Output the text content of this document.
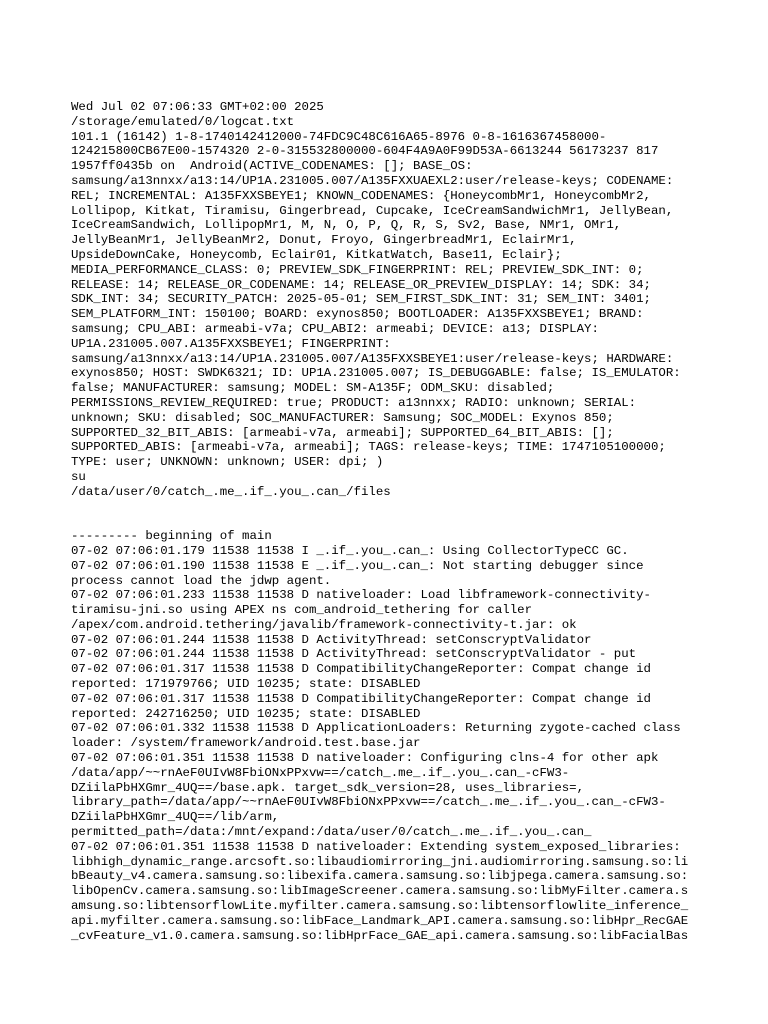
Wed Jul 02 07:06:33 GMT+02:00 2025
/storage/emulated/0/logcat.txt
101.1 (16142) 1-8-1740142412000-74FDC9C48C616A65-8976 0-8-1616367458000-
124215800CB67E00-1574320 2-0-315532800000-604F4A9A0F99D53A-6613244 56173237 817
1957ff0435b on  Android(ACTIVE_CODENAMES: []; BASE_OS:
samsung/a13nnxx/a13:14/UP1A.231005.007/A135FXXUAEXL2:user/release-keys; CODENAME:
REL; INCREMENTAL: A135FXXSBEYE1; KNOWN_CODENAMES: {HoneycombMr1, HoneycombMr2,
Lollipop, Kitkat, Tiramisu, Gingerbread, Cupcake, IceCreamSandwichMr1, JellyBean,
IceCreamSandwich, LollipopMr1, M, N, O, P, Q, R, S, Sv2, Base, NMr1, OMr1,
JellyBeanMr1, JellyBeanMr2, Donut, Froyo, GingerbreadMr1, EclairMr1,
UpsideDownCake, Honeycomb, Eclair01, KitkatWatch, Base11, Eclair};
MEDIA_PERFORMANCE_CLASS: 0; PREVIEW_SDK_FINGERPRINT: REL; PREVIEW_SDK_INT: 0;
RELEASE: 14; RELEASE_OR_CODENAME: 14; RELEASE_OR_PREVIEW_DISPLAY: 14; SDK: 34;
SDK_INT: 34; SECURITY_PATCH: 2025-05-01; SEM_FIRST_SDK_INT: 31; SEM_INT: 3401;
SEM_PLATFORM_INT: 150100; BOARD: exynos850; BOOTLOADER: A135FXXSBEYE1; BRAND:
samsung; CPU_ABI: armeabi-v7a; CPU_ABI2: armeabi; DEVICE: a13; DISPLAY:
UP1A.231005.007.A135FXXSBEYE1; FINGERPRINT:
samsung/a13nnxx/a13:14/UP1A.231005.007/A135FXXSBEYE1:user/release-keys; HARDWARE:
exynos850; HOST: SWDK6321; ID: UP1A.231005.007; IS_DEBUGGABLE: false; IS_EMULATOR:
false; MANUFACTURER: samsung; MODEL: SM-A135F; ODM_SKU: disabled;
PERMISSIONS_REVIEW_REQUIRED: true; PRODUCT: a13nnxx; RADIO: unknown; SERIAL:
unknown; SKU: disabled; SOC_MANUFACTURER: Samsung; SOC_MODEL: Exynos 850;
SUPPORTED_32_BIT_ABIS: [armeabi-v7a, armeabi]; SUPPORTED_64_BIT_ABIS: [];
SUPPORTED_ABIS: [armeabi-v7a, armeabi]; TAGS: release-keys; TIME: 1747105100000;
TYPE: user; UNKNOWN: unknown; USER: dpi; )
su
/data/user/0/catch_.me_.if_.you_.can_/files
--------- beginning of main
07-02 07:06:01.179 11538 11538 I _.if_.you_.can_: Using CollectorTypeCC GC.
07-02 07:06:01.190 11538 11538 E _.if_.you_.can_: Not starting debugger since
process cannot load the jdwp agent.
07-02 07:06:01.233 11538 11538 D nativeloader: Load libframework-connectivity-
tiramisu-jni.so using APEX ns com_android_tethering for caller
/apex/com.android.tethering/javalib/framework-connectivity-t.jar: ok
07-02 07:06:01.244 11538 11538 D ActivityThread: setConscryptValidator
07-02 07:06:01.244 11538 11538 D ActivityThread: setConscryptValidator - put
07-02 07:06:01.317 11538 11538 D CompatibilityChangeReporter: Compat change id
reported: 171979766; UID 10235; state: DISABLED
07-02 07:06:01.317 11538 11538 D CompatibilityChangeReporter: Compat change id
reported: 242716250; UID 10235; state: DISABLED
07-02 07:06:01.332 11538 11538 D ApplicationLoaders: Returning zygote-cached class
loader: /system/framework/android.test.base.jar
07-02 07:06:01.351 11538 11538 D nativeloader: Configuring clns-4 for other apk
/data/app/~~rnAeF0UIvW8FbiONxPPxvw==/catch_.me_.if_.you_.can_-cFW3-
DZiilaPbHXGmr_4UQ==/base.apk. target_sdk_version=28, uses_libraries=,
library_path=/data/app/~~rnAeF0UIvW8FbiONxPPxvw==/catch_.me_.if_.you_.can_-cFW3-
DZiilaPbHXGmr_4UQ==/lib/arm,
permitted_path=/data:/mnt/expand:/data/user/0/catch_.me_.if_.you_.can_
07-02 07:06:01.351 11538 11538 D nativeloader: Extending system_exposed_libraries:
libhigh_dynamic_range.arcsoft.so:libaudiomirroring_jni.audiomirroring.samsung.so:li
bBeauty_v4.camera.samsung.so:libexifa.camera.samsung.so:libjpega.camera.samsung.so:
libOpenCv.camera.samsung.so:libImageScreener.camera.samsung.so:libMyFilter.camera.s
amsung.so:libtensorflowLite.myfilter.camera.samsung.so:libtensorflowlite_inference_
api.myfilter.camera.samsung.so:libFace_Landmark_API.camera.samsung.so:libHpr_RecGAE
_cvFeature_v1.0.camera.samsung.so:libHprFace_GAE_api.camera.samsung.so:libFacialBas
